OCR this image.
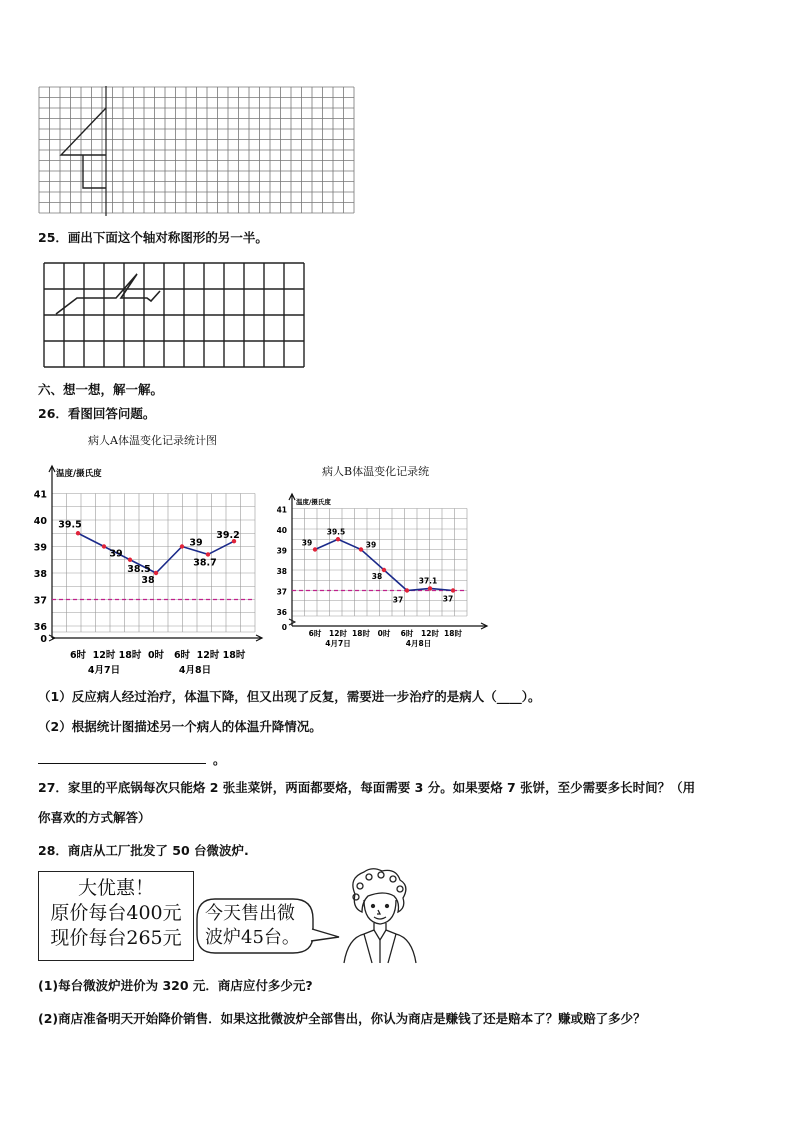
25．画出下面这个轴对称图形的另一半。
六、想一想，解一解。
26．看图回答问题。
病人A体温变化记录统计图
温度/摄氏度
41
40
39
38
37
36
0
39.5
39
38.5
38
39
38.7
39.2
6时 12时 18时 0时 6时 12时 18时
4月7日	4月8日
病人B体温变化记录统
温度/摄氏度
41
40
39
38
37
36
0
39
39.5
39
38
37
37.1
37
6时 12时 18时 0时 6时 12时 18时
4月7日	4月8日
（1）反应病人经过治疗，体温下降，但又出现了反复，需要进一步治疗的是病人（____）。
（2）根据统计图描述另一个病人的体温升降情况。
。
27．家里的平底锅每次只能烙 2 张韭菜饼，两面都要烙，每面需要 3 分。如果要烙 7 张饼，至少需要多长时间？（用
你喜欢的方式解答）
28．商店从工厂批发了 50 台微波炉.
大优惠！
原价每台400元
现价每台265元
今天售出微
波炉45台。
(1)每台微波炉进价为 320 元．商店应付多少元?
(2)商店准备明天开始降价销售．如果这批微波炉全部售出，你认为商店是赚钱了还是赔本了？赚或赔了多少？
